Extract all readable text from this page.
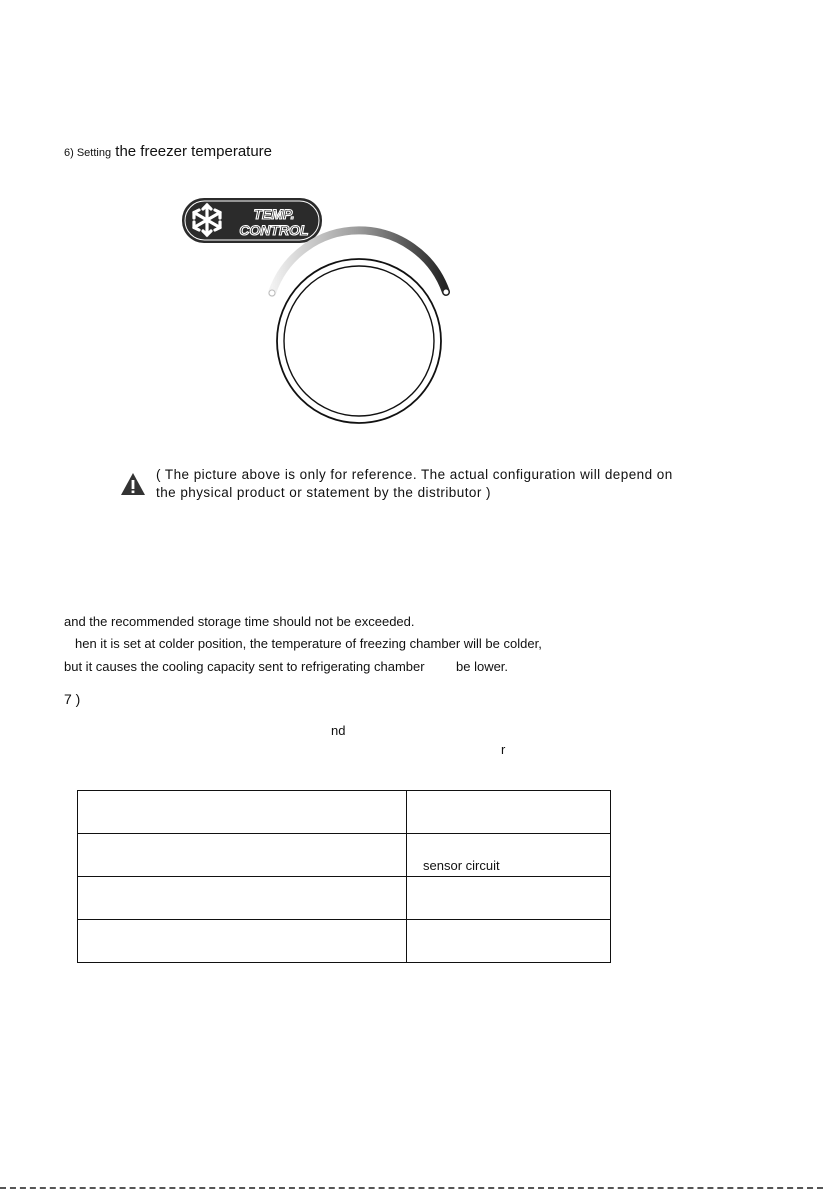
6) Setting the freezer temperature
TEMP.
CONTROL
( The picture above is only for reference. The actual configuration will depend on
the physical product or statement by the distributor )
and the recommended storage time should not be exceeded.
hen it is set at colder position, the temperature of freezing chamber will be colder,
but it causes the cooling capacity sent to refrigerating chamber be lower.
7 )
nd
r

	sensor circuit
